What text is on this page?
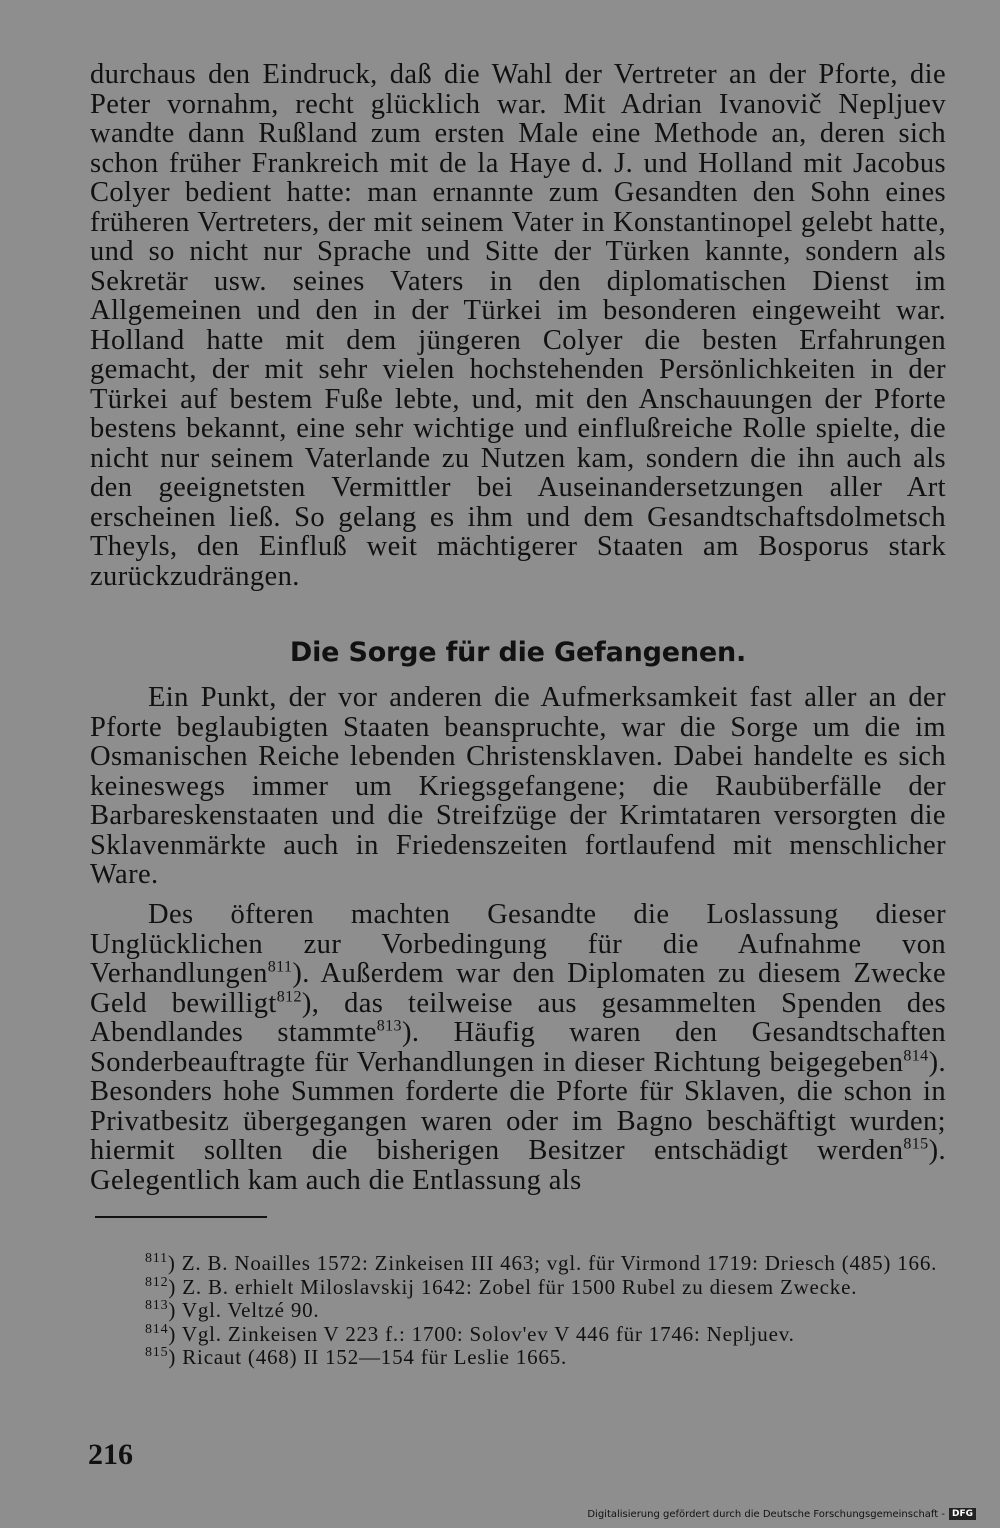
durchaus den Eindruck, daß die Wahl der Vertreter an der Pforte, die Peter vornahm, recht glücklich war. Mit Adrian Ivanovič Nepljuev wandte dann Rußland zum ersten Male eine Methode an, deren sich schon früher Frankreich mit de la Haye d. J. und Holland mit Jacobus Colyer bedient hatte: man ernannte zum Gesandten den Sohn eines früheren Vertreters, der mit seinem Vater in Konstantinopel gelebt hatte, und so nicht nur Sprache und Sitte der Türken kannte, sondern als Sekretär usw. seines Vaters in den diplomatischen Dienst im Allgemeinen und den in der Türkei im besonderen eingeweiht war. Holland hatte mit dem jüngeren Colyer die besten Erfahrungen gemacht, der mit sehr vielen hochstehenden Persönlichkeiten in der Türkei auf bestem Fuße lebte, und, mit den Anschauungen der Pforte bestens bekannt, eine sehr wichtige und einflußreiche Rolle spielte, die nicht nur seinem Vaterlande zu Nutzen kam, sondern die ihn auch als den geeignetsten Vermittler bei Auseinandersetzungen aller Art erscheinen ließ. So gelang es ihm und dem Gesandtschaftsdolmetsch Theyls, den Einfluß weit mächtigerer Staaten am Bosporus stark zurückzudrängen.

Die Sorge für die Gefangenen.

Ein Punkt, der vor anderen die Aufmerksamkeit fast aller an der Pforte beglaubigten Staaten beanspruchte, war die Sorge um die im Osmanischen Reiche lebenden Christensklaven. Dabei handelte es sich keineswegs immer um Kriegsgefangene; die Raubüberfälle der Barbareskenstaaten und die Streifzüge der Krimtataren versorgten die Sklavenmärkte auch in Friedenszeiten fortlaufend mit menschlicher Ware.

Des öfteren machten Gesandte die Loslassung dieser Unglücklichen zur Vorbedingung für die Aufnahme von Verhandlungen$^{811}$). Außerdem war den Diplomaten zu diesem Zwecke Geld bewilligt$^{812}$), das teilweise aus gesammelten Spenden des Abendlandes stammte$^{813}$). Häufig waren den Gesandtschaften Sonderbeauftragte für Verhandlungen in dieser Richtung beigegeben$^{814}$). Besonders hohe Summen forderte die Pforte für Sklaven, die schon in Privatbesitz übergegangen waren oder im Bagno beschäftigt wurden; hiermit sollten die bisherigen Besitzer entschädigt werden$^{815}$). Gelegentlich kam auch die Entlassung als

$^{811}$) Z. B. Noailles 1572: Zinkeisen III 463; vgl. für Virmond 1719: Driesch (485) 166.

$^{812}$) Z. B. erhielt Miloslavskij 1642: Zobel für 1500 Rubel zu diesem Zwecke.

$^{813}$) Vgl. Veltzé 90.

$^{814}$) Vgl. Zinkeisen V 223 f.: 1700: Solov'ev V 446 für 1746: Nepljuev.

$^{815}$) Ricaut (468) II 152—154 für Leslie 1665.

216
Digitalisierung gefördert durch die Deutsche Forschungsgemeinschaft - DFG
